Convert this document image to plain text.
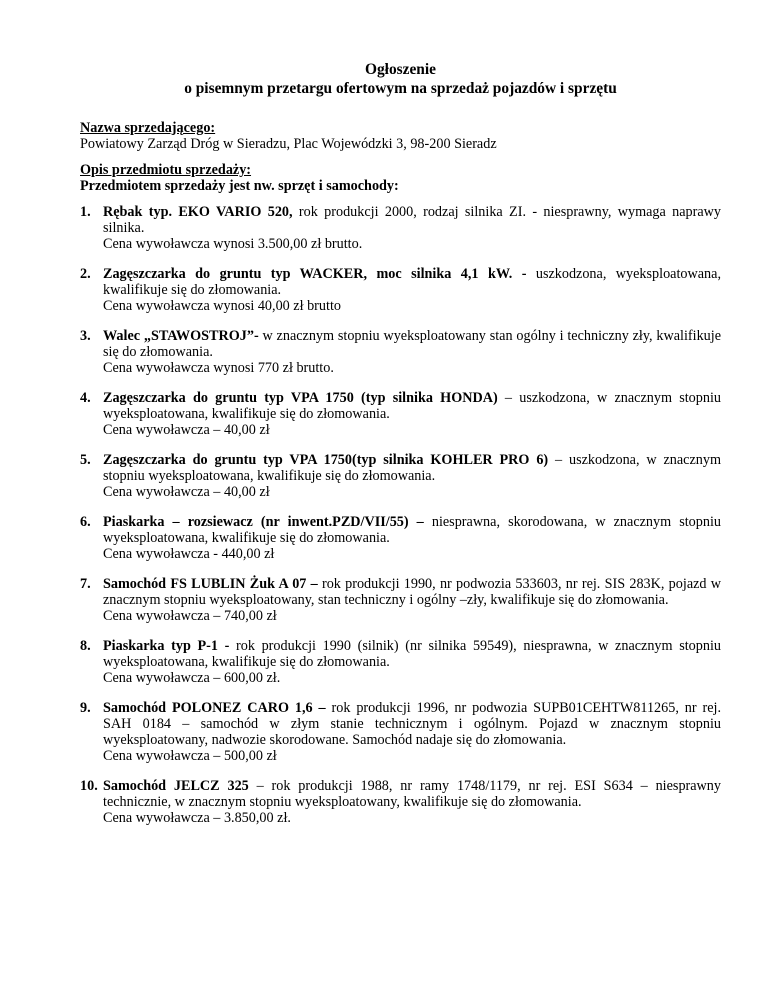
Ogłoszenie

o pisemnym przetargu ofertowym na sprzedaż pojazdów i sprzętu

Nazwa sprzedającego:
Powiatowy Zarząd Dróg w Sieradzu, Plac Wojewódzki 3, 98-200 Sieradz
Opis przedmiotu sprzedaży:
Przedmiotem sprzedaży jest nw. sprzęt i samochody:
1. Rębak typ. EKO VARIO 520, rok produkcji 2000, rodzaj silnika ZI. - niesprawny, wymaga naprawy silnika.
Cena wywoławcza wynosi 3.500,00 zł brutto.
2. Zagęszczarka do gruntu typ WACKER, moc silnika 4,1 kW. - uszkodzona, wyeksploatowana, kwalifikuje się do złomowania.
Cena wywoławcza wynosi 40,00 zł brutto
3. Walec „STAWOSTROJ”- w znacznym stopniu wyeksploatowany stan ogólny i techniczny zły, kwalifikuje się do złomowania.
Cena wywoławcza wynosi 770 zł brutto.
4. Zagęszczarka do gruntu typ VPA 1750 (typ silnika HONDA) – uszkodzona, w znacznym stopniu wyeksploatowana, kwalifikuje się do złomowania.
Cena wywoławcza – 40,00 zł
5. Zagęszczarka do gruntu typ VPA 1750(typ silnika KOHLER PRO 6) – uszkodzona, w znacznym stopniu wyeksploatowana, kwalifikuje się do złomowania.
Cena wywoławcza – 40,00 zł
6. Piaskarka – rozsiewacz (nr inwent.PZD/VII/55) – niesprawna, skorodowana, w znacznym stopniu wyeksploatowana, kwalifikuje się do złomowania.
Cena wywoławcza - 440,00 zł
7. Samochód FS LUBLIN Żuk A 07 – rok produkcji 1990, nr podwozia 533603, nr rej. SIS 283K, pojazd w znacznym stopniu wyeksploatowany, stan techniczny i ogólny –zły, kwalifikuje się do złomowania.
Cena wywoławcza – 740,00 zł
8. Piaskarka typ P-1 - rok produkcji 1990 (silnik) (nr silnika 59549), niesprawna, w znacznym stopniu wyeksploatowana, kwalifikuje się do złomowania.
Cena wywoławcza – 600,00 zł.
9. Samochód POLONEZ CARO 1,6 – rok produkcji 1996, nr podwozia SUPB01CEHTW811265, nr rej. SAH 0184 – samochód w złym stanie technicznym i ogólnym. Pojazd w znacznym stopniu wyeksploatowany, nadwozie skorodowane. Samochód nadaje się do złomowania.
Cena wywoławcza – 500,00 zł
10. Samochód JELCZ 325 – rok produkcji 1988, nr ramy 1748/1179, nr rej. ESI S634 – niesprawny technicznie, w znacznym stopniu wyeksploatowany, kwalifikuje się do złomowania.
Cena wywoławcza – 3.850,00 zł.
